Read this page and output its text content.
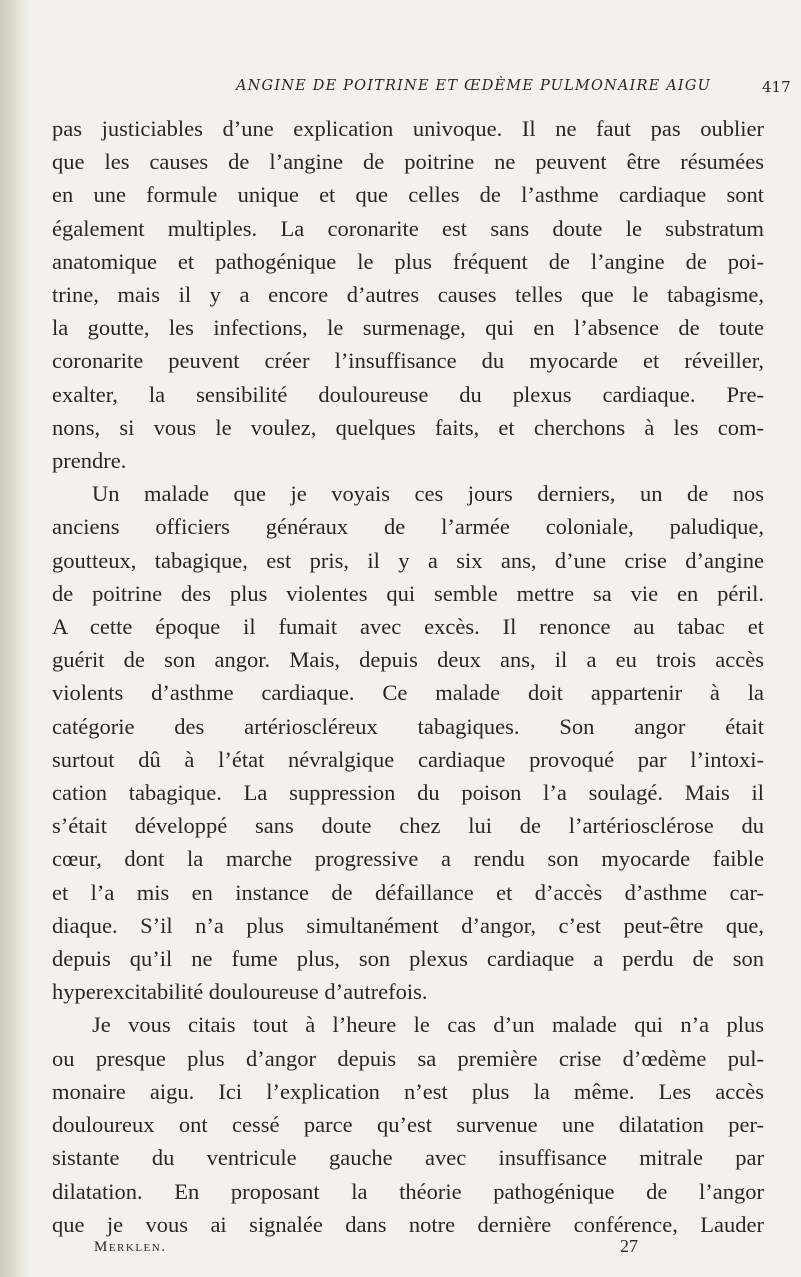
ANGINE DE POITRINE ET ŒDÈME PULMONAIRE AIGU	417
pas justiciables d’une explication univoque. Il ne faut pas oublier
que les causes de l’angine de poitrine ne peuvent être résumées
en une formule unique et que celles de l’asthme cardiaque sont
également multiples. La coronarite est sans doute le substratum
anatomique et pathogénique le plus fréquent de l’angine de poi-
trine, mais il y a encore d’autres causes telles que le tabagisme,
la goutte, les infections, le surmenage, qui en l’absence de toute
coronarite peuvent créer l’insuffisance du myocarde et réveiller,
exalter, la sensibilité douloureuse du plexus cardiaque. Pre-
nons, si vous le voulez, quelques faits, et cherchons à les com-
prendre.
Un malade que je voyais ces jours derniers, un de nos
anciens officiers généraux de l’armée coloniale, paludique,
goutteux, tabagique, est pris, il y a six ans, d’une crise d’angine
de poitrine des plus violentes qui semble mettre sa vie en péril.
A cette époque il fumait avec excès. Il renonce au tabac et
guérit de son angor. Mais, depuis deux ans, il a eu trois accès
violents d’asthme cardiaque. Ce malade doit appartenir à la
catégorie des artérioscléreux tabagiques. Son angor était
surtout dû à l’état névralgique cardiaque provoqué par l’intoxi-
cation tabagique. La suppression du poison l’a soulagé. Mais il
s’était développé sans doute chez lui de l’artériosclérose du
cœur, dont la marche progressive a rendu son myocarde faible
et l’a mis en instance de défaillance et d’accès d’asthme car-
diaque. S’il n’a plus simultanément d’angor, c’est peut-être que,
depuis qu’il ne fume plus, son plexus cardiaque a perdu de son
hyperexcitabilité douloureuse d’autrefois.
Je vous citais tout à l’heure le cas d’un malade qui n’a plus
ou presque plus d’angor depuis sa première crise d’œdème pul-
monaire aigu. Ici l’explication n’est plus la même. Les accès
douloureux ont cessé parce qu’est survenue une dilatation per-
sistante du ventricule gauche avec insuffisance mitrale par
dilatation. En proposant la théorie pathogénique de l’angor
que je vous ai signalée dans notre dernière conférence, Lauder
Merklen.	27
